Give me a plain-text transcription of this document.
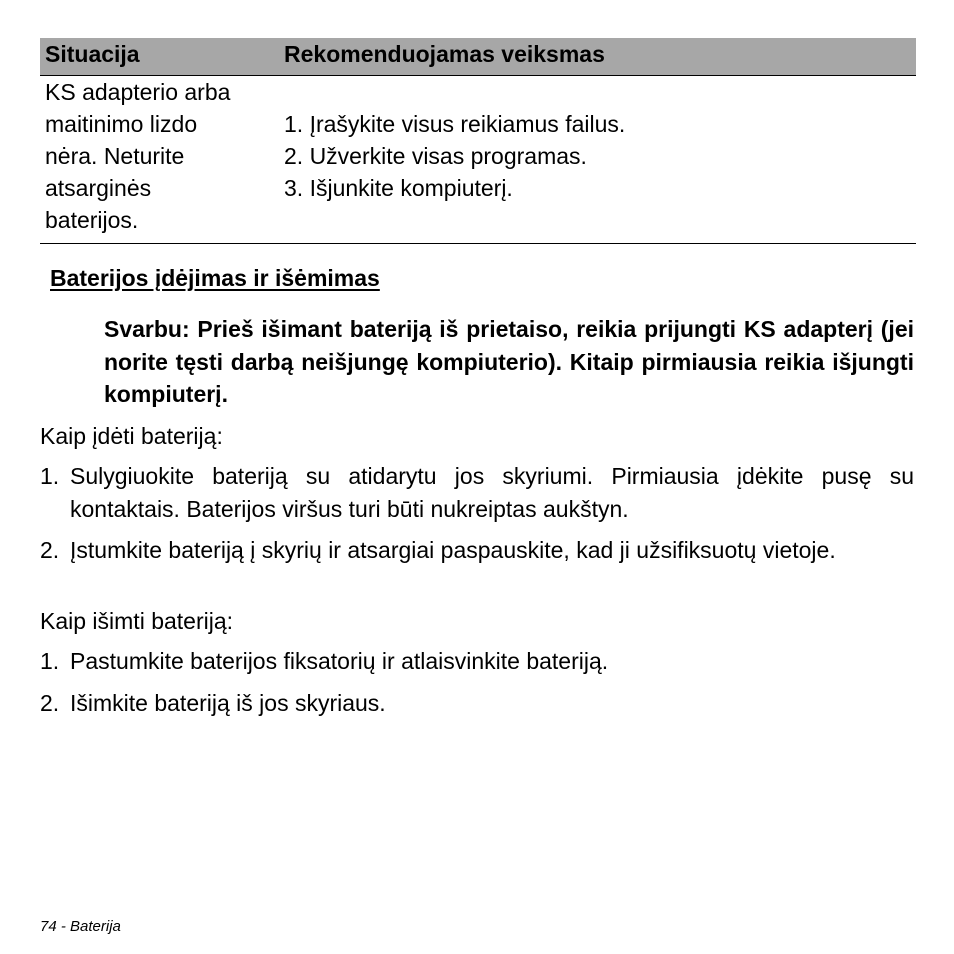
Situacija	Rekomenduojamas veiksmas
KS adapterio arba
maitinimo lizdo
nėra. Neturite
atsarginės
baterijos.
1. Įrašykite visus reikiamus failus.
2. Užverkite visas programas.
3. Išjunkite kompiuterį.
Baterijos įdėjimas ir išėmimas
Svarbu: Prieš išimant bateriją iš prietaiso, reikia prijungti KS adapterį (jei norite tęsti darbą neišjungę kompiuterio). Kitaip pirmiausia reikia išjungti kompiuterį.
Kaip įdėti bateriją:
1. Sulygiuokite bateriją su atidarytu jos skyriumi. Pirmiausia įdėkite pusę su kontaktais. Baterijos viršus turi būti nukreiptas aukštyn.
2. Įstumkite bateriją į skyrių ir atsargiai paspauskite, kad ji užsifiksuotų vietoje.
Kaip išimti bateriją:
1. Pastumkite baterijos fiksatorių ir atlaisvinkite bateriją.
2. Išimkite bateriją iš jos skyriaus.
74 - Baterija
